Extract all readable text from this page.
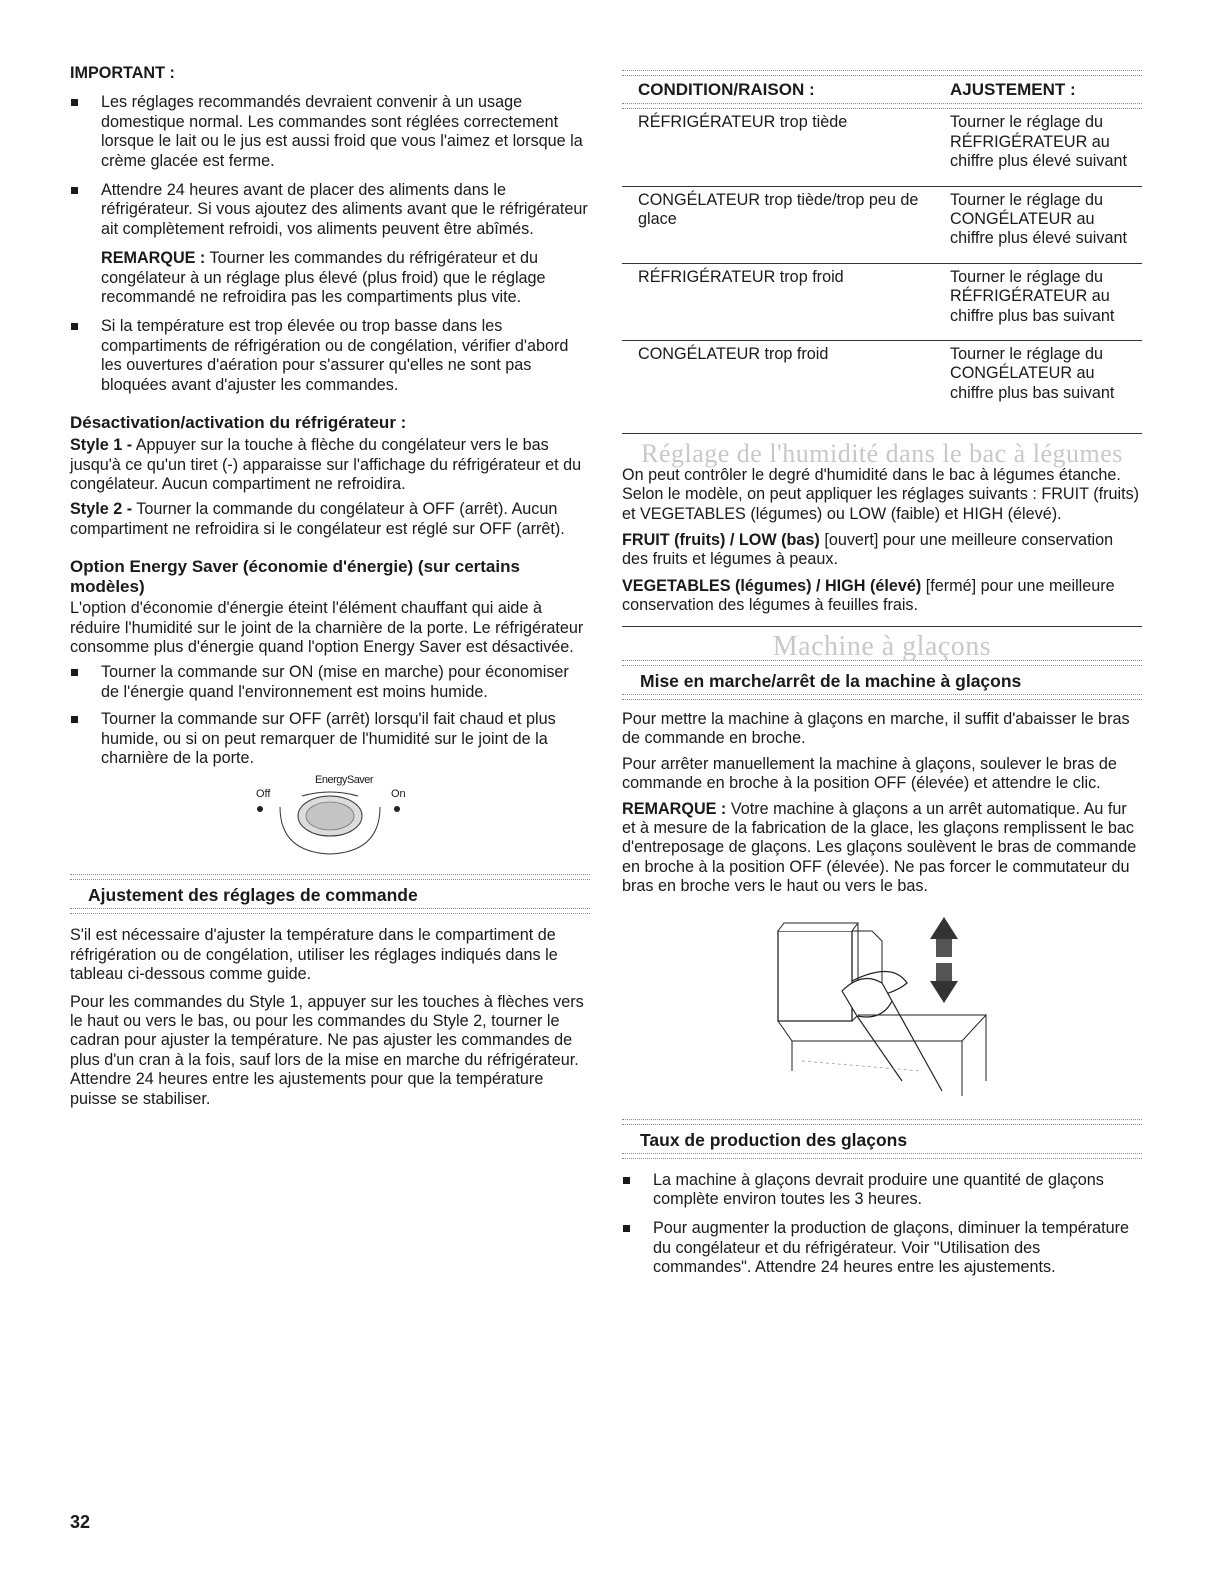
IMPORTANT :

Les réglages recommandés devraient convenir à un usage domestique normal. Les commandes sont réglées correctement lorsque le lait ou le jus est aussi froid que vous l'aimez et lorsque la crème glacée est ferme.

Attendre 24 heures avant de placer des aliments dans le réfrigérateur. Si vous ajoutez des aliments avant que le réfrigérateur ait complètement refroidi, vos aliments peuvent être abîmés.

REMARQUE : Tourner les commandes du réfrigérateur et du congélateur à un réglage plus élevé (plus froid) que le réglage recommandé ne refroidira pas les compartiments plus vite.

Si la température est trop élevée ou trop basse dans les compartiments de réfrigération ou de congélation, vérifier d'abord les ouvertures d'aération pour s'assurer qu'elles ne sont pas bloquées avant d'ajuster les commandes.

Désactivation/activation du réfrigérateur :

Style 1 - Appuyer sur la touche à flèche du congélateur vers le bas jusqu'à ce qu'un tiret (-) apparaisse sur l'affichage du réfrigérateur et du congélateur. Aucun compartiment ne refroidira.

Style 2 - Tourner la commande du congélateur à OFF (arrêt). Aucun compartiment ne refroidira si le congélateur est réglé sur OFF (arrêt).

Option Energy Saver (économie d'énergie) (sur certains modèles)

L'option d'économie d'énergie éteint l'élément chauffant qui aide à réduire l'humidité sur le joint de la charnière de la porte. Le réfrigérateur consomme plus d'énergie quand l'option Energy Saver est désactivée.

Tourner la commande sur ON (mise en marche) pour économiser de l'énergie quand l'environnement est moins humide.

Tourner la commande sur OFF (arrêt) lorsqu'il fait chaud et plus humide, ou si on peut remarquer de l'humidité sur le joint de la charnière de la porte.

EnergySaver
Off	On

Ajustement des réglages de commande

S'il est nécessaire d'ajuster la température dans le compartiment de réfrigération ou de congélation, utiliser les réglages indiqués dans le tableau ci-dessous comme guide.

Pour les commandes du Style 1, appuyer sur les touches à flèches vers le haut ou vers le bas, ou pour les commandes du Style 2, tourner le cadran pour ajuster la température. Ne pas ajuster les commandes de plus d'un cran à la fois, sauf lors de la mise en marche du réfrigérateur. Attendre 24 heures entre les ajustements pour que la température puisse se stabiliser.

CONDITION/RAISON :	AJUSTEMENT :

RÉFRIGÉRATEUR trop tiède	Tourner le réglage du RÉFRIGÉRATEUR au chiffre plus élevé suivant
CONGÉLATEUR trop tiède/trop peu de glace	Tourner le réglage du CONGÉLATEUR au chiffre plus élevé suivant
RÉFRIGÉRATEUR trop froid	Tourner le réglage du RÉFRIGÉRATEUR au chiffre plus bas suivant
CONGÉLATEUR trop froid	Tourner le réglage du CONGÉLATEUR au chiffre plus bas suivant

Réglage de l'humidité dans le bac à légumes

On peut contrôler le degré d'humidité dans le bac à légumes étanche. Selon le modèle, on peut appliquer les réglages suivants : FRUIT (fruits) et VEGETABLES (légumes) ou LOW (faible) et HIGH (élevé).

FRUIT (fruits) / LOW (bas) [ouvert] pour une meilleure conservation des fruits et légumes à peaux.

VEGETABLES (légumes) / HIGH (élevé) [fermé] pour une meilleure conservation des légumes à feuilles frais.

Machine à glaçons

Mise en marche/arrêt de la machine à glaçons

Pour mettre la machine à glaçons en marche, il suffit d'abaisser le bras de commande en broche.

Pour arrêter manuellement la machine à glaçons, soulever le bras de commande en broche à la position OFF (élevée) et attendre le clic.

REMARQUE : Votre machine à glaçons a un arrêt automatique. Au fur et à mesure de la fabrication de la glace, les glaçons remplissent le bac d'entreposage de glaçons. Les glaçons soulèvent le bras de commande en broche à la position OFF (élevée). Ne pas forcer le commutateur du bras en broche vers le haut ou vers le bas.

Taux de production des glaçons

La machine à glaçons devrait produire une quantité de glaçons complète environ toutes les 3 heures.

Pour augmenter la production de glaçons, diminuer la température du congélateur et du réfrigérateur. Voir "Utilisation des commandes". Attendre 24 heures entre les ajustements.

32
